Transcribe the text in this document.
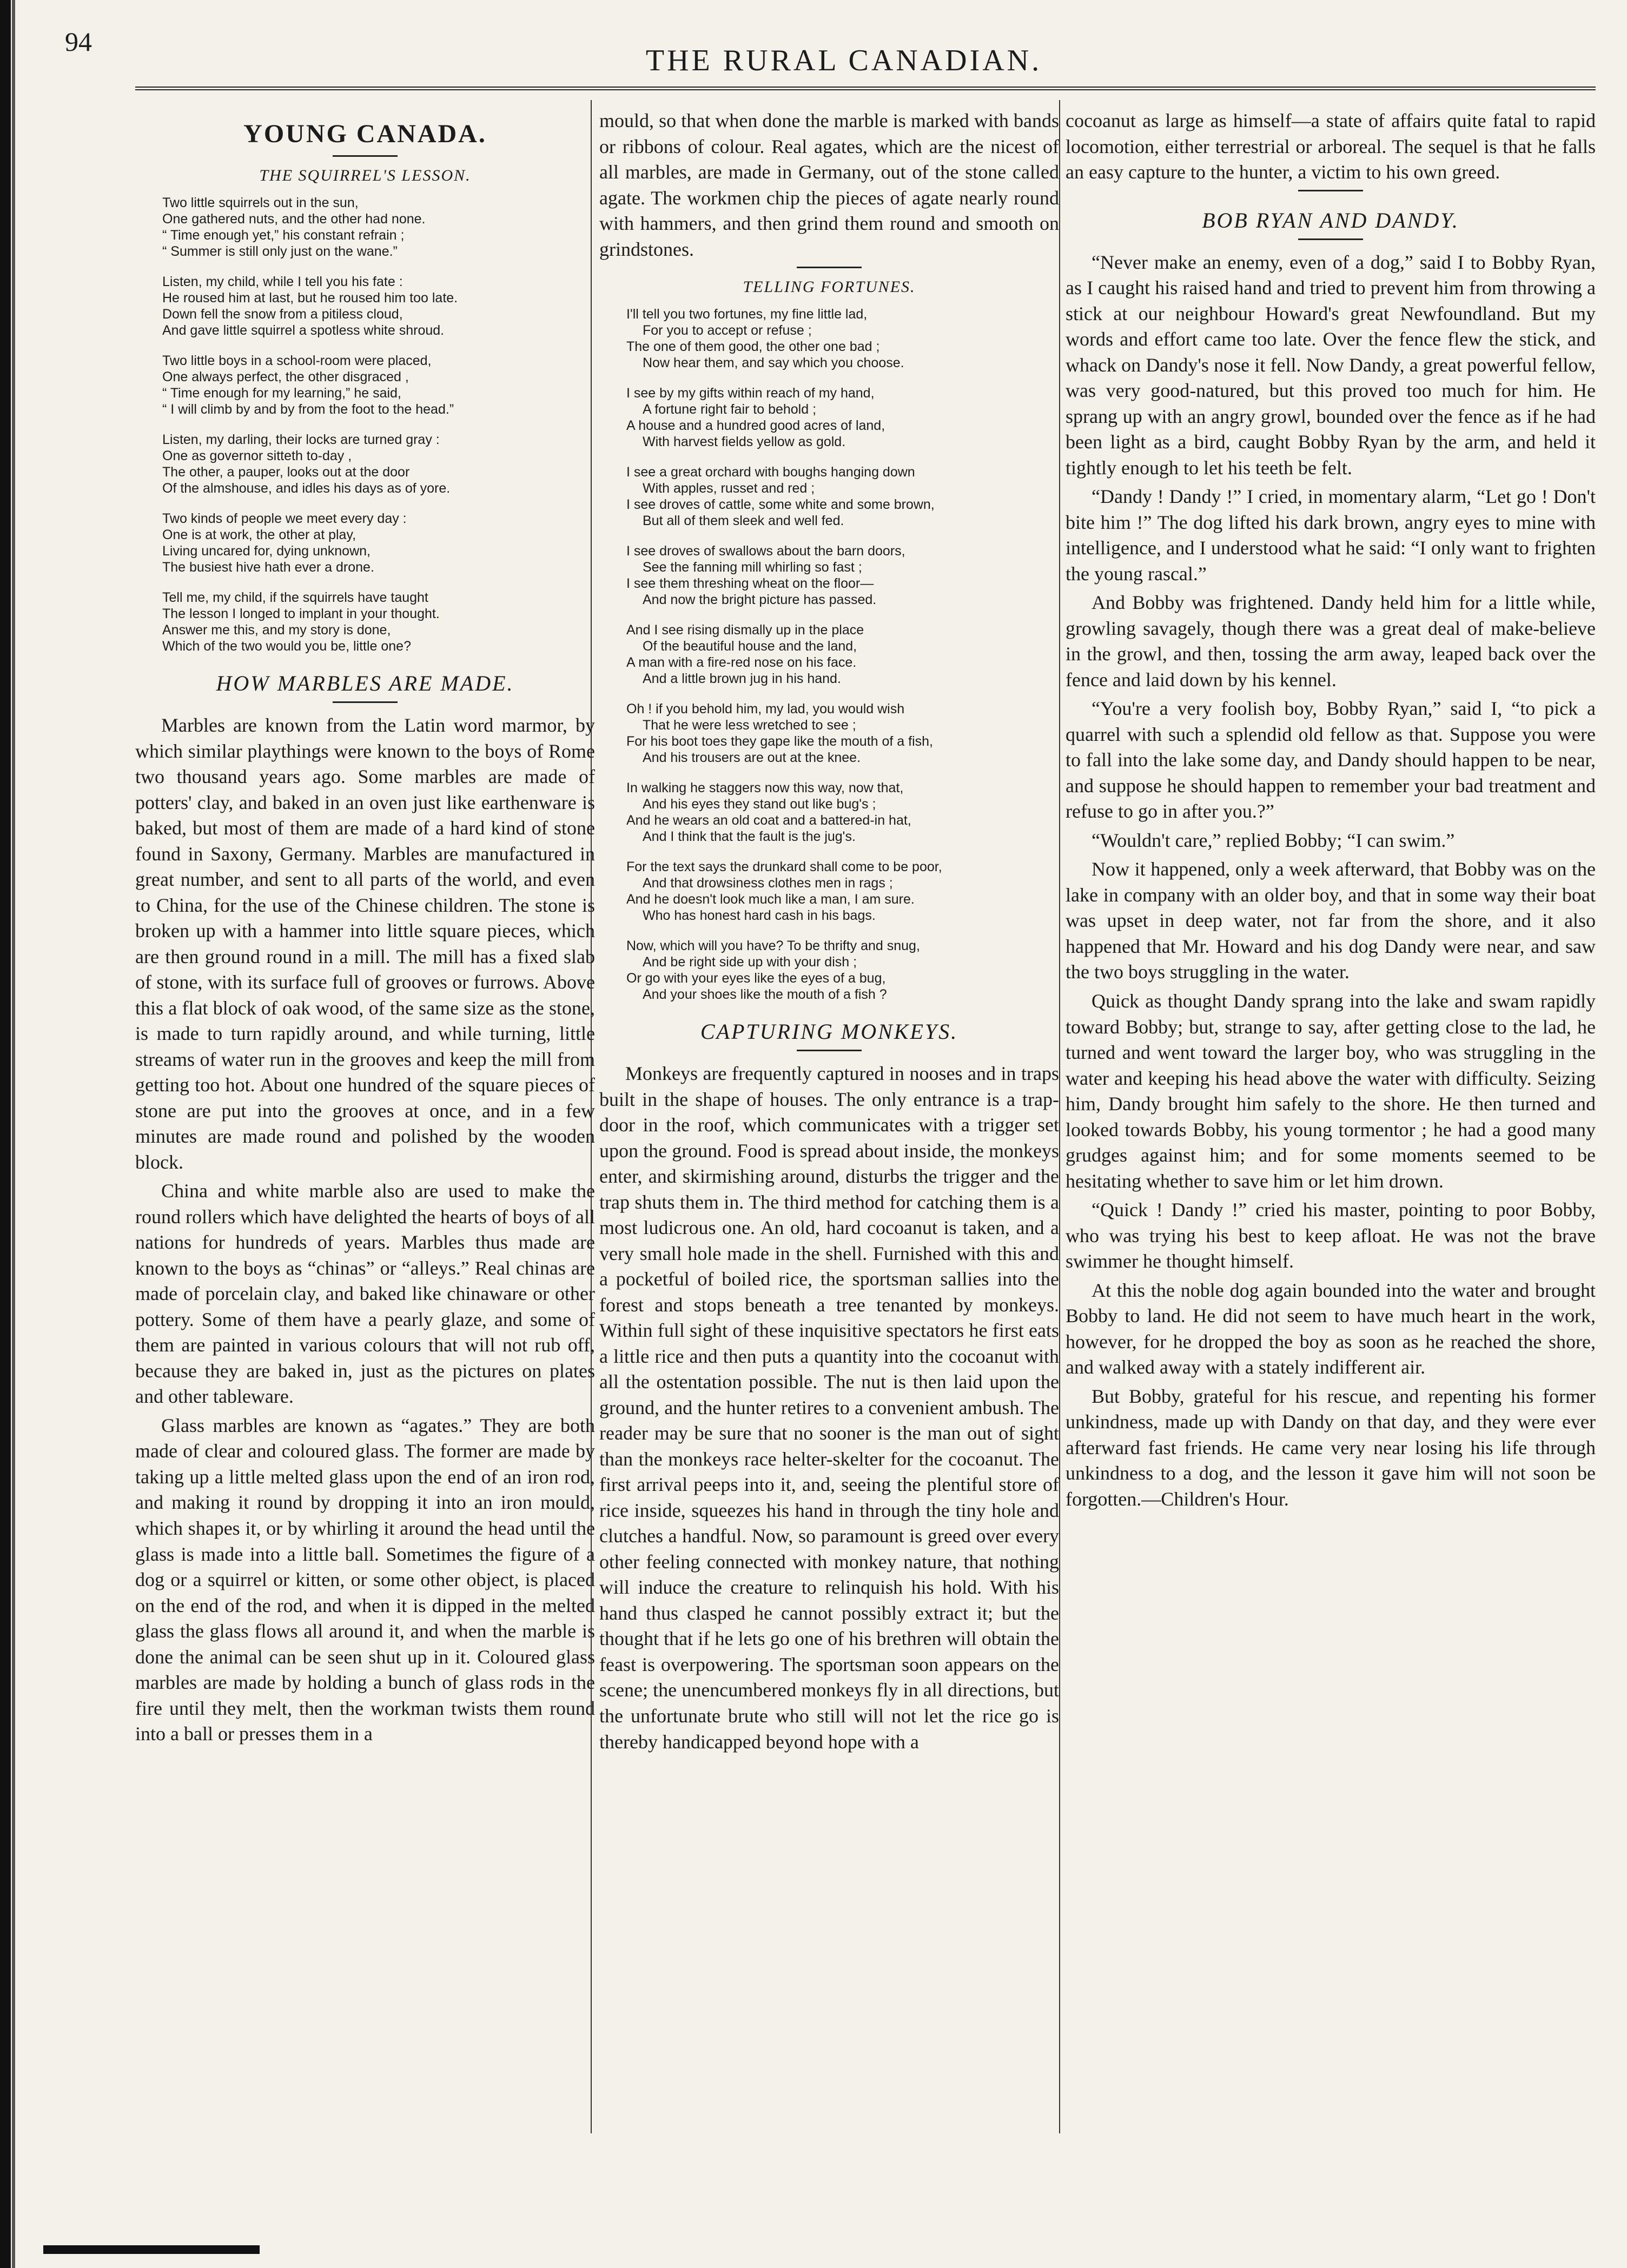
94
THE RURAL CANADIAN.
YOUNG CANADA.
THE SQUIRREL'S LESSON.
Two little squirrels out in the sun,
One gathered nuts, and the other had none.
“ Time enough yet,” his constant refrain ;
“ Summer is still only just on the wane.”
Listen, my child, while I tell you his fate :
He roused him at last, but he roused him too late.
Down fell the snow from a pitiless cloud,
And gave little squirrel a spotless white shroud.
Two little boys in a school-room were placed,
One always perfect, the other disgraced ,
“ Time enough for my learning,” he said,
“ I will climb by and by from the foot to the head.”
Listen, my darling, their locks are turned gray :
One as governor sitteth to-day ,
The other, a pauper, looks out at the door
Of the almshouse, and idles his days as of yore.
Two kinds of people we meet every day :
One is at work, the other at play,
Living uncared for, dying unknown,
The busiest hive hath ever a drone.
Tell me, my child, if the squirrels have taught
The lesson I longed to implant in your thought.
Answer me this, and my story is done,
Which of the two would you be, little one?
HOW MARBLES ARE MADE.

Marbles are known from the Latin word marmor, by which similar playthings were known to the boys of Rome two thousand years ago. Some marbles are made of potters' clay, and baked in an oven just like earthenware is baked, but most of them are made of a hard kind of stone found in Saxony, Germany. Marbles are manufactured in great number, and sent to all parts of the world, and even to China, for the use of the Chinese children. The stone is broken up with a hammer into little square pieces, which are then ground round in a mill. The mill has a fixed slab of stone, with its surface full of grooves or furrows. Above this a flat block of oak wood, of the same size as the stone, is made to turn rapidly around, and while turning, little streams of water run in the grooves and keep the mill from getting too hot. About one hundred of the square pieces of stone are put into the grooves at once, and in a few minutes are made round and polished by the wooden block.

China and white marble also are used to make the round rollers which have delighted the hearts of boys of all nations for hundreds of years. Marbles thus made are known to the boys as “chinas” or “alleys.” Real chinas are made of porcelain clay, and baked like chinaware or other pottery. Some of them have a pearly glaze, and some of them are painted in various colours that will not rub off, because they are baked in, just as the pictures on plates and other tableware.

Glass marbles are known as “agates.” They are both made of clear and coloured glass. The former are made by taking up a little melted glass upon the end of an iron rod, and making it round by dropping it into an iron mould, which shapes it, or by whirling it around the head until the glass is made into a little ball. Sometimes the figure of a dog or a squirrel or kitten, or some other object, is placed on the end of the rod, and when it is dipped in the melted glass the glass flows all around it, and when the marble is done the animal can be seen shut up in it. Coloured glass marbles are made by holding a bunch of glass rods in the fire until they melt, then the workman twists them round into a ball or presses them in a

mould, so that when done the marble is marked with bands or ribbons of colour. Real agates, which are the nicest of all marbles, are made in Germany, out of the stone called agate. The workmen chip the pieces of agate nearly round with hammers, and then grind them round and smooth on grindstones.

TELLING FORTUNES.
I'll tell you two fortunes, my fine little lad,
For you to accept or refuse ;
The one of them good, the other one bad ;
Now hear them, and say which you choose.
I see by my gifts within reach of my hand,
A fortune right fair to behold ;
A house and a hundred good acres of land,
With harvest fields yellow as gold.
I see a great orchard with boughs hanging down
With apples, russet and red ;
I see droves of cattle, some white and some brown,
But all of them sleek and well fed.
I see droves of swallows about the barn doors,
See the fanning mill whirling so fast ;
I see them threshing wheat on the floor—
And now the bright picture has passed.
And I see rising dismally up in the place
Of the beautiful house and the land,
A man with a fire-red nose on his face.
And a little brown jug in his hand.
Oh ! if you behold him, my lad, you would wish
That he were less wretched to see ;
For his boot toes they gape like the mouth of a fish,
And his trousers are out at the knee.
In walking he staggers now this way, now that,
And his eyes they stand out like bug's ;
And he wears an old coat and a battered-in hat,
And I think that the fault is the jug's.
For the text says the drunkard shall come to be poor,
And that drowsiness clothes men in rags ;
And he doesn't look much like a man, I am sure.
Who has honest hard cash in his bags.
Now, which will you have? To be thrifty and snug,
And be right side up with your dish ;
Or go with your eyes like the eyes of a bug,
And your shoes like the mouth of a fish ?
CAPTURING MONKEYS.

Monkeys are frequently captured in nooses and in traps built in the shape of houses. The only entrance is a trap-door in the roof, which communicates with a trigger set upon the ground. Food is spread about inside, the monkeys enter, and skirmishing around, disturbs the trigger and the trap shuts them in. The third method for catching them is a most ludicrous one. An old, hard cocoanut is taken, and a very small hole made in the shell. Furnished with this and a pocketful of boiled rice, the sportsman sallies into the forest and stops beneath a tree tenanted by monkeys. Within full sight of these inquisitive spectators he first eats a little rice and then puts a quantity into the cocoanut with all the ostentation possible. The nut is then laid upon the ground, and the hunter retires to a convenient ambush. The reader may be sure that no sooner is the man out of sight than the monkeys race helter-skelter for the cocoanut. The first arrival peeps into it, and, seeing the plentiful store of rice inside, squeezes his hand in through the tiny hole and clutches a handful. Now, so paramount is greed over every other feeling connected with monkey nature, that nothing will induce the creature to relinquish his hold. With his hand thus clasped he cannot possibly extract it; but the thought that if he lets go one of his brethren will obtain the feast is overpowering. The sportsman soon appears on the scene; the unencumbered monkeys fly in all directions, but the unfortunate brute who still will not let the rice go is thereby handicapped beyond hope with a

cocoanut as large as himself—a state of affairs quite fatal to rapid locomotion, either terrestrial or arboreal. The sequel is that he falls an easy capture to the hunter, a victim to his own greed.

BOB RYAN AND DANDY.

“Never make an enemy, even of a dog,” said I to Bobby Ryan, as I caught his raised hand and tried to prevent him from throwing a stick at our neighbour Howard's great Newfoundland. But my words and effort came too late. Over the fence flew the stick, and whack on Dandy's nose it fell. Now Dandy, a great powerful fellow, was very good-natured, but this proved too much for him. He sprang up with an angry growl, bounded over the fence as if he had been light as a bird, caught Bobby Ryan by the arm, and held it tightly enough to let his teeth be felt.

“Dandy ! Dandy !” I cried, in momentary alarm, “Let go ! Don't bite him !” The dog lifted his dark brown, angry eyes to mine with intelligence, and I understood what he said: “I only want to frighten the young rascal.”

And Bobby was frightened. Dandy held him for a little while, growling savagely, though there was a great deal of make-believe in the growl, and then, tossing the arm away, leaped back over the fence and laid down by his kennel.

“You're a very foolish boy, Bobby Ryan,” said I, “to pick a quarrel with such a splendid old fellow as that. Suppose you were to fall into the lake some day, and Dandy should happen to be near, and suppose he should happen to remember your bad treatment and refuse to go in after you.?”

“Wouldn't care,” replied Bobby; “I can swim.”

Now it happened, only a week afterward, that Bobby was on the lake in company with an older boy, and that in some way their boat was upset in deep water, not far from the shore, and it also happened that Mr. Howard and his dog Dandy were near, and saw the two boys struggling in the water.

Quick as thought Dandy sprang into the lake and swam rapidly toward Bobby; but, strange to say, after getting close to the lad, he turned and went toward the larger boy, who was struggling in the water and keeping his head above the water with difficulty. Seizing him, Dandy brought him safely to the shore. He then turned and looked towards Bobby, his young tormentor ; he had a good many grudges against him; and for some moments seemed to be hesitating whether to save him or let him drown.

“Quick ! Dandy !” cried his master, pointing to poor Bobby, who was trying his best to keep afloat. He was not the brave swimmer he thought himself.

At this the noble dog again bounded into the water and brought Bobby to land. He did not seem to have much heart in the work, however, for he dropped the boy as soon as he reached the shore, and walked away with a stately indifferent air.

But Bobby, grateful for his rescue, and repenting his former unkindness, made up with Dandy on that day, and they were ever afterward fast friends. He came very near losing his life through unkindness to a dog, and the lesson it gave him will not soon be forgotten.—Children's Hour.
